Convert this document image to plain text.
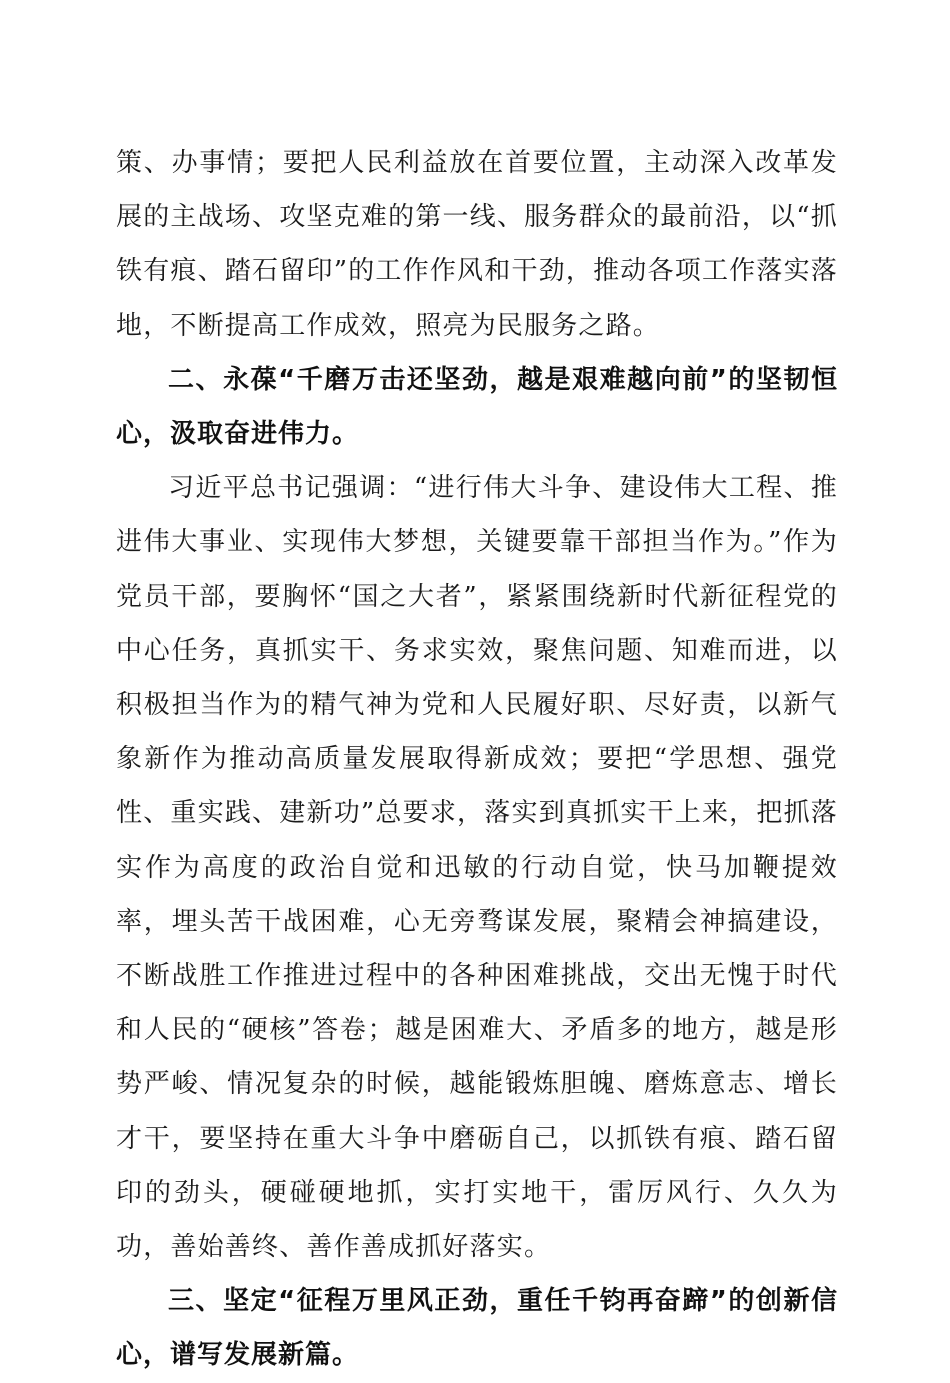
策、办事情；要把人民利益放在首要位置，主动深入改革发展的主战场、攻坚克难的第一线、服务群众的最前沿，以“抓铁有痕、踏石留印”的工作作风和干劲，推动各项工作落实落地，不断提高工作成效，照亮为民服务之路。

二、永葆“千磨万击还坚劲，越是艰难越向前”的坚韧恒心，汲取奋进伟力。

习近平总书记强调：“进行伟大斗争、建设伟大工程、推进伟大事业、实现伟大梦想，关键要靠干部担当作为。”作为党员干部，要胸怀“国之大者”，紧紧围绕新时代新征程党的中心任务，真抓实干、务求实效，聚焦问题、知难而进，以积极担当作为的精气神为党和人民履好职、尽好责，以新气象新作为推动高质量发展取得新成效；要把“学思想、强党性、重实践、建新功”总要求，落实到真抓实干上来，把抓落实作为高度的政治自觉和迅敏的行动自觉，快马加鞭提效率，埋头苦干战困难，心无旁骛谋发展，聚精会神搞建设，不断战胜工作推进过程中的各种困难挑战，交出无愧于时代和人民的“硬核”答卷；越是困难大、矛盾多的地方，越是形势严峻、情况复杂的时候，越能锻炼胆魄、磨炼意志、增长才干，要坚持在重大斗争中磨砺自己，以抓铁有痕、踏石留印的劲头，硬碰硬地抓，实打实地干，雷厉风行、久久为功，善始善终、善作善成抓好落实。

三、坚定“征程万里风正劲，重任千钧再奋蹄”的创新信心，谱写发展新篇。
